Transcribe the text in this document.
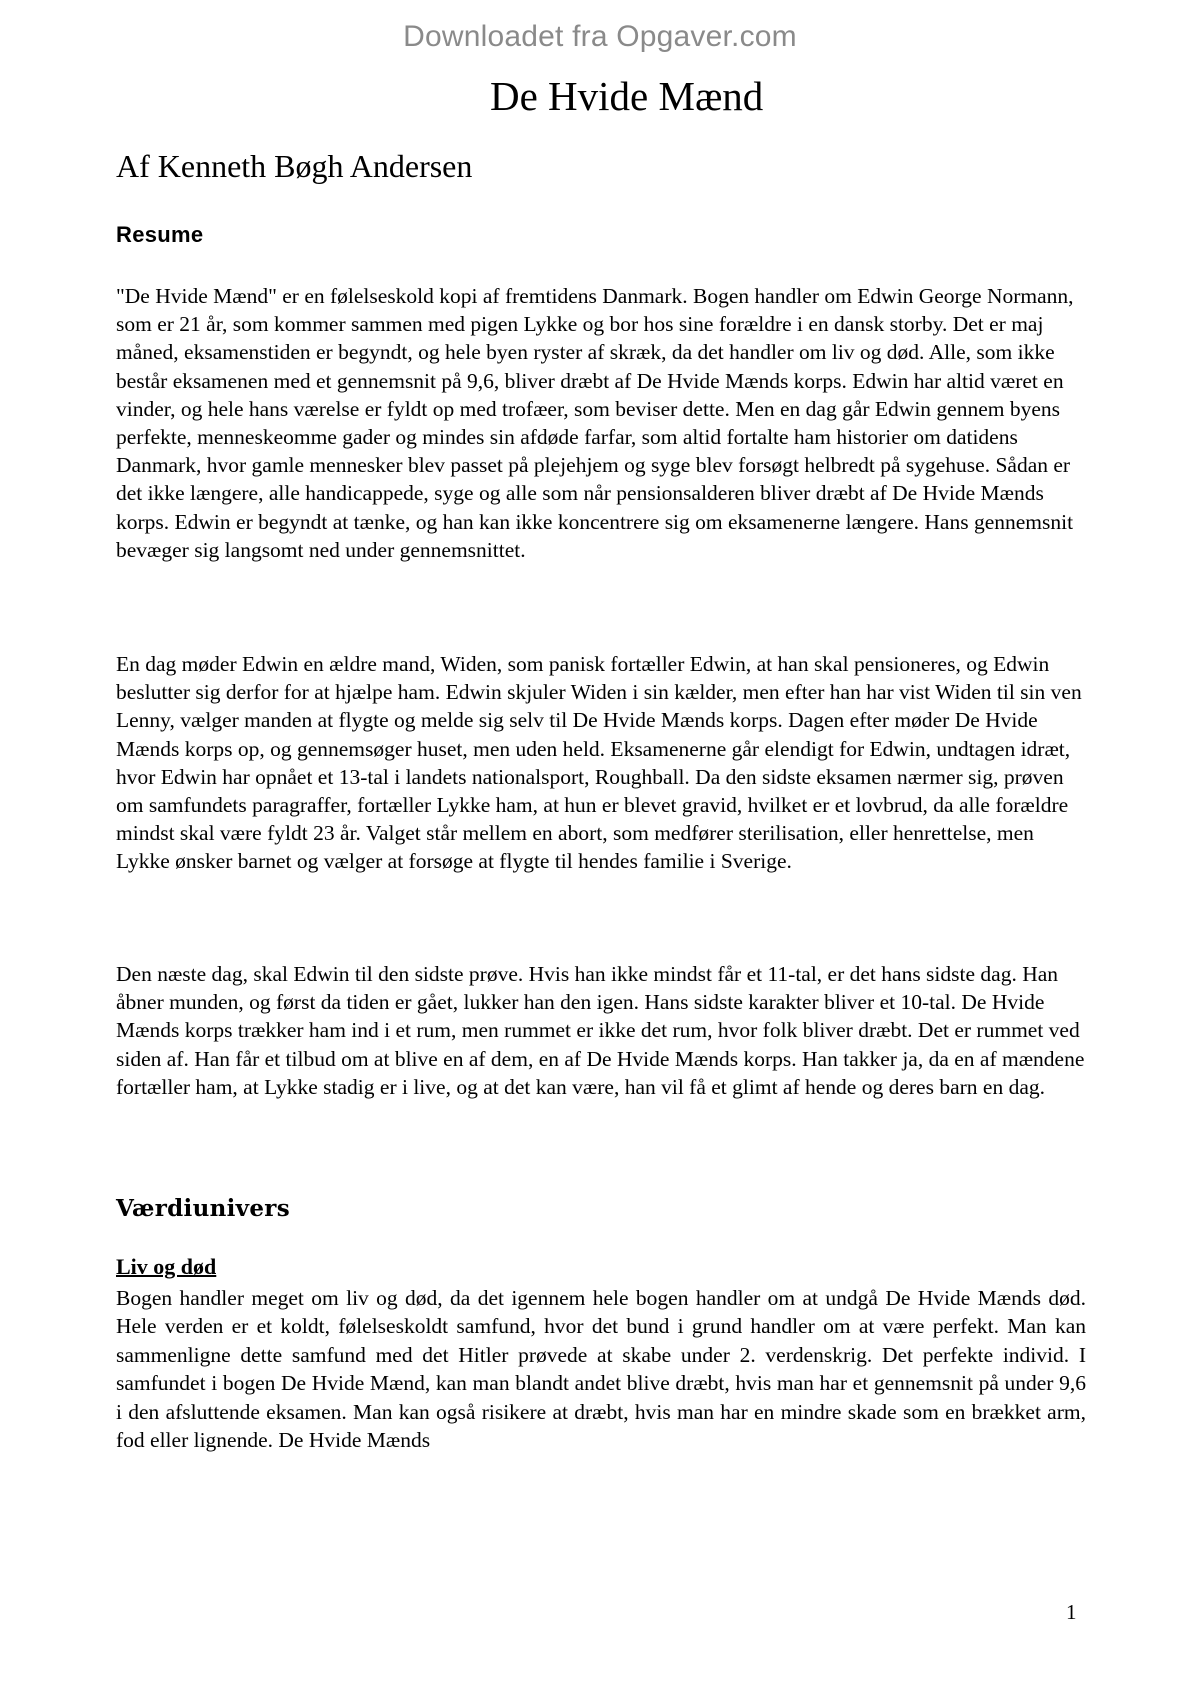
Downloadet fra Opgaver.com
De Hvide Mænd
Af Kenneth Bøgh Andersen
Resume

"De Hvide Mænd" er en følelseskold kopi af fremtidens Danmark. Bogen handler om Edwin George Normann, som er 21 år, som kommer sammen med pigen Lykke og bor hos sine forældre i en dansk storby. Det er maj måned, eksamenstiden er begyndt, og hele byen ryster af skræk, da det handler om liv og død. Alle, som ikke består eksamenen med et gennemsnit på 9,6, bliver dræbt af De Hvide Mænds korps. Edwin har altid været en vinder, og hele hans værelse er fyldt op med trofæer, som beviser dette. Men en dag går Edwin gennem byens perfekte, menneskeomme gader og mindes sin afdøde farfar, som altid fortalte ham historier om datidens Danmark, hvor gamle mennesker blev passet på plejehjem og syge blev forsøgt helbredt på sygehuse. Sådan er det ikke længere, alle handicappede, syge og alle som når pensionsalderen bliver dræbt af De Hvide Mænds korps. Edwin er begyndt at tænke, og han kan ikke koncentrere sig om eksamenerne længere. Hans gennemsnit bevæger sig langsomt ned under gennemsnittet.

En dag møder Edwin en ældre mand, Widen, som panisk fortæller Edwin, at han skal pensioneres, og Edwin beslutter sig derfor for at hjælpe ham. Edwin skjuler Widen i sin kælder, men efter han har vist Widen til sin ven Lenny, vælger manden at flygte og melde sig selv til De Hvide Mænds korps. Dagen efter møder De Hvide Mænds korps op, og gennemsøger huset, men uden held. Eksamenerne går elendigt for Edwin, undtagen idræt, hvor Edwin har opnået et 13-tal i landets nationalsport, Roughball. Da den sidste eksamen nærmer sig, prøven om samfundets paragraffer, fortæller Lykke ham, at hun er blevet gravid, hvilket er et lovbrud, da alle forældre mindst skal være fyldt 23 år. Valget står mellem en abort, som medfører sterilisation, eller henrettelse, men Lykke ønsker barnet og vælger at forsøge at flygte til hendes familie i Sverige.

Den næste dag, skal Edwin til den sidste prøve. Hvis han ikke mindst får et 11-tal, er det hans sidste dag. Han åbner munden, og først da tiden er gået, lukker han den igen. Hans sidste karakter bliver et 10-tal. De Hvide Mænds korps trækker ham ind i et rum, men rummet er ikke det rum, hvor folk bliver dræbt. Det er rummet ved siden af. Han får et tilbud om at blive en af dem, en af De Hvide Mænds korps. Han takker ja, da en af mændene fortæller ham, at Lykke stadig er i live, og at det kan være, han vil få et glimt af hende og deres barn en dag.

Værdiunivers
Liv og død

Bogen handler meget om liv og død, da det igennem hele bogen handler om at undgå De Hvide Mænds død. Hele verden er et koldt, følelseskoldt samfund, hvor det bund i grund handler om at være perfekt. Man kan sammenligne dette samfund med det Hitler prøvede at skabe under 2. verdenskrig. Det perfekte individ. I samfundet i bogen De Hvide Mænd, kan man blandt andet blive dræbt, hvis man har et gennemsnit på under 9,6 i den afsluttende eksamen. Man kan også risikere at dræbt, hvis man har en mindre skade som en brækket arm, fod eller lignende. De Hvide Mænds

1
